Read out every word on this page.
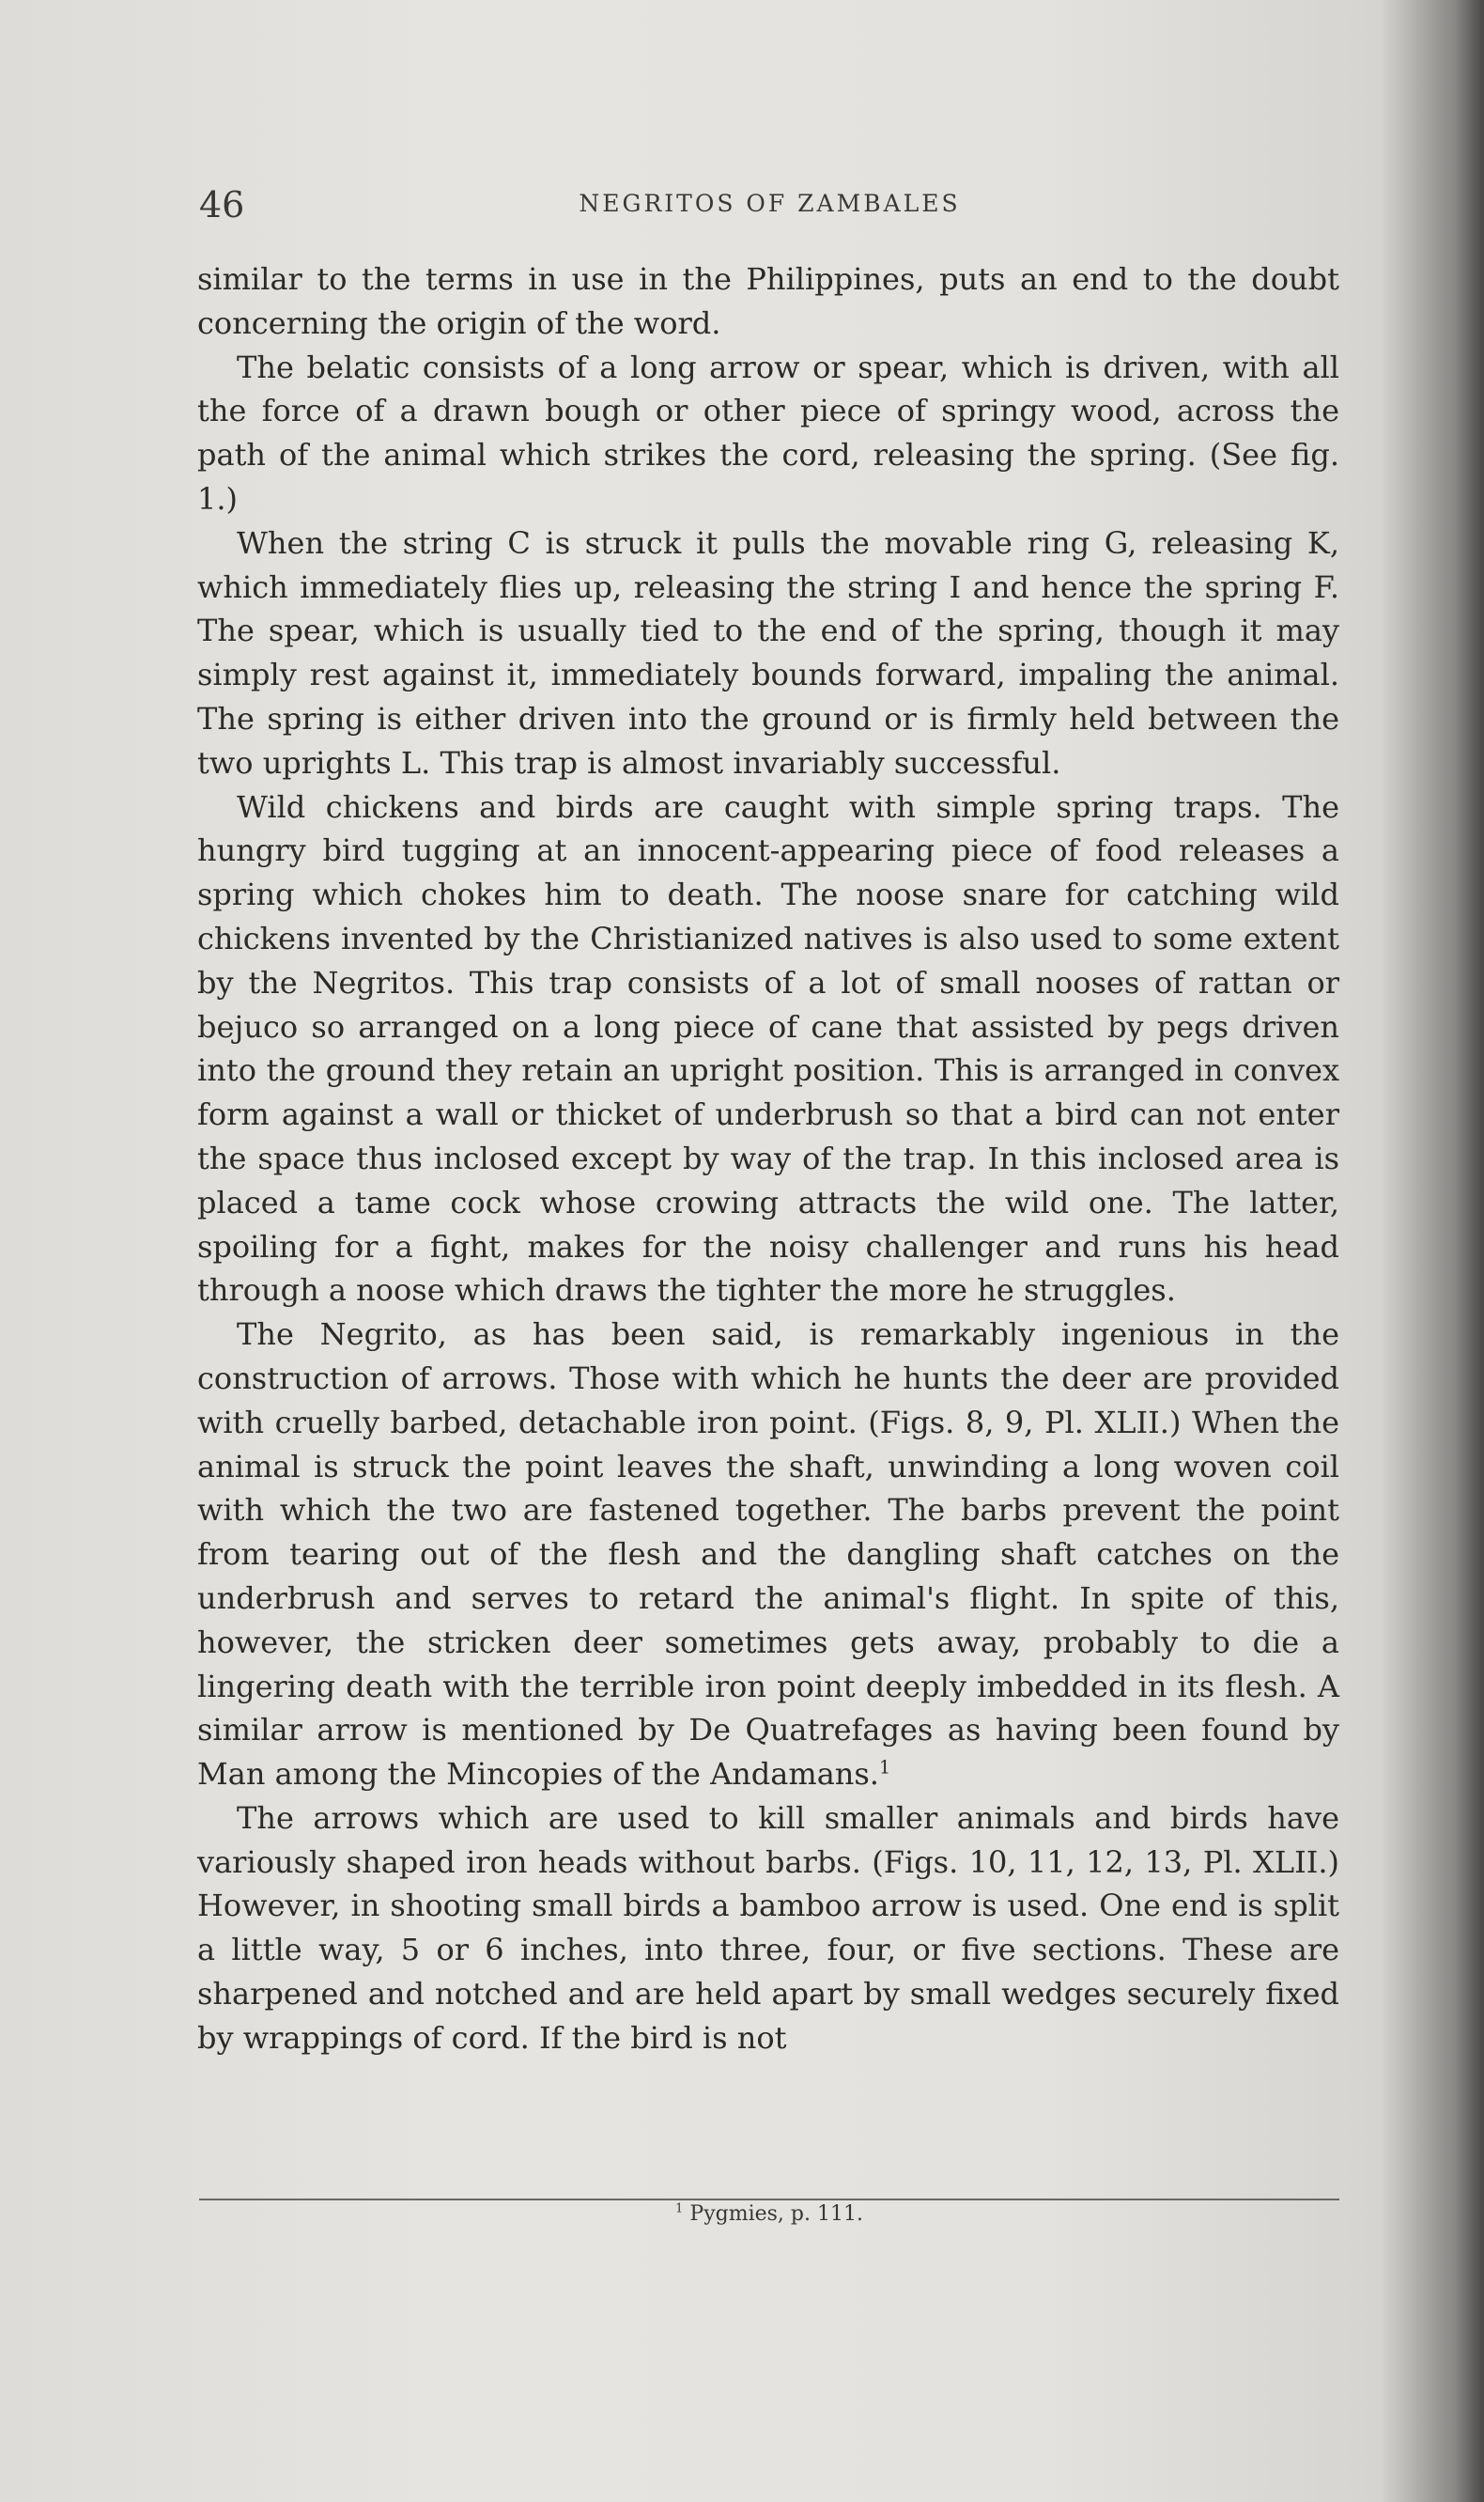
46	NEGRITOS OF ZAMBALES

similar to the terms in use in the Philippines, puts an end to the doubt concerning the origin of the word.

The belatic consists of a long arrow or spear, which is driven, with all the force of a drawn bough or other piece of springy wood, across the path of the animal which strikes the cord, releasing the spring. (See fig. 1.)

When the string C is struck it pulls the movable ring G, releasing K, which immediately flies up, releasing the string I and hence the spring F. The spear, which is usually tied to the end of the spring, though it may simply rest against it, immediately bounds forward, impaling the animal. The spring is either driven into the ground or is firmly held between the two uprights L. This trap is almost invariably successful.

Wild chickens and birds are caught with simple spring traps. The hungry bird tugging at an innocent-appearing piece of food releases a spring which chokes him to death. The noose snare for catching wild chickens invented by the Christianized natives is also used to some extent by the Negritos. This trap consists of a lot of small nooses of rattan or bejuco so arranged on a long piece of cane that assisted by pegs driven into the ground they retain an upright position. This is arranged in convex form against a wall or thicket of underbrush so that a bird can not enter the space thus inclosed except by way of the trap. In this inclosed area is placed a tame cock whose crowing attracts the wild one. The latter, spoiling for a fight, makes for the noisy challenger and runs his head through a noose which draws the tighter the more he struggles.

The Negrito, as has been said, is remarkably ingenious in the construction of arrows. Those with which he hunts the deer are provided with cruelly barbed, detachable iron point. (Figs. 8, 9, Pl. XLII.) When the animal is struck the point leaves the shaft, unwinding a long woven coil with which the two are fastened together. The barbs prevent the point from tearing out of the flesh and the dangling shaft catches on the underbrush and serves to retard the animal's flight. In spite of this, however, the stricken deer sometimes gets away, probably to die a lingering death with the terrible iron point deeply imbedded in its flesh. A similar arrow is mentioned by De Quatrefages as having been found by Man among the Mincopies of the Andamans.$^1$

The arrows which are used to kill smaller animals and birds have variously shaped iron heads without barbs. (Figs. 10, 11, 12, 13, Pl. XLII.) However, in shooting small birds a bamboo arrow is used. One end is split a little way, 5 or 6 inches, into three, four, or five sections. These are sharpened and notched and are held apart by small wedges securely fixed by wrappings of cord. If the bird is not

$^1$ Pygmies, p. 111.
